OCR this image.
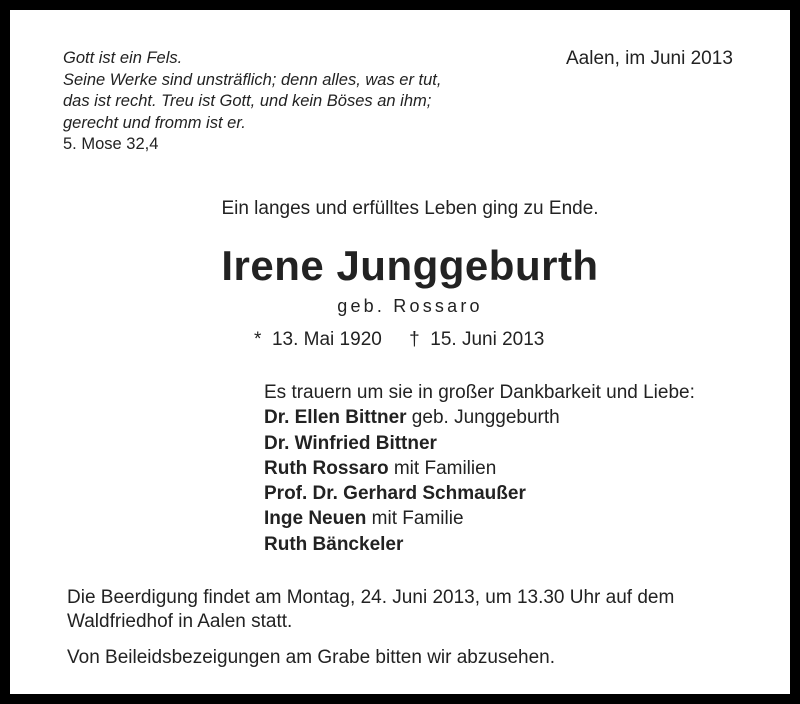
Gott ist ein Fels.
Seine Werke sind unsträflich; denn alles, was er tut,
das ist recht. Treu ist Gott, und kein Böses an ihm;
gerecht und fromm ist er.
5. Mose 32,4
Aalen, im Juni 2013
Ein langes und erfülltes Leben ging zu Ende.
Irene Junggeburth
geb. Rossaro
* 13. Mai 1920 † 15. Juni 2013
Es trauern um sie in großer Dankbarkeit und Liebe:
Dr. Ellen Bittner geb. Junggeburth
Dr. Winfried Bittner
Ruth Rossaro mit Familien
Prof. Dr. Gerhard Schmaußer
Inge Neuen mit Familie
Ruth Bänckeler
Die Beerdigung findet am Montag, 24. Juni 2013, um 13.30 Uhr auf dem
Waldfriedhof in Aalen statt.
Von Beileidsbezeigungen am Grabe bitten wir abzusehen.
